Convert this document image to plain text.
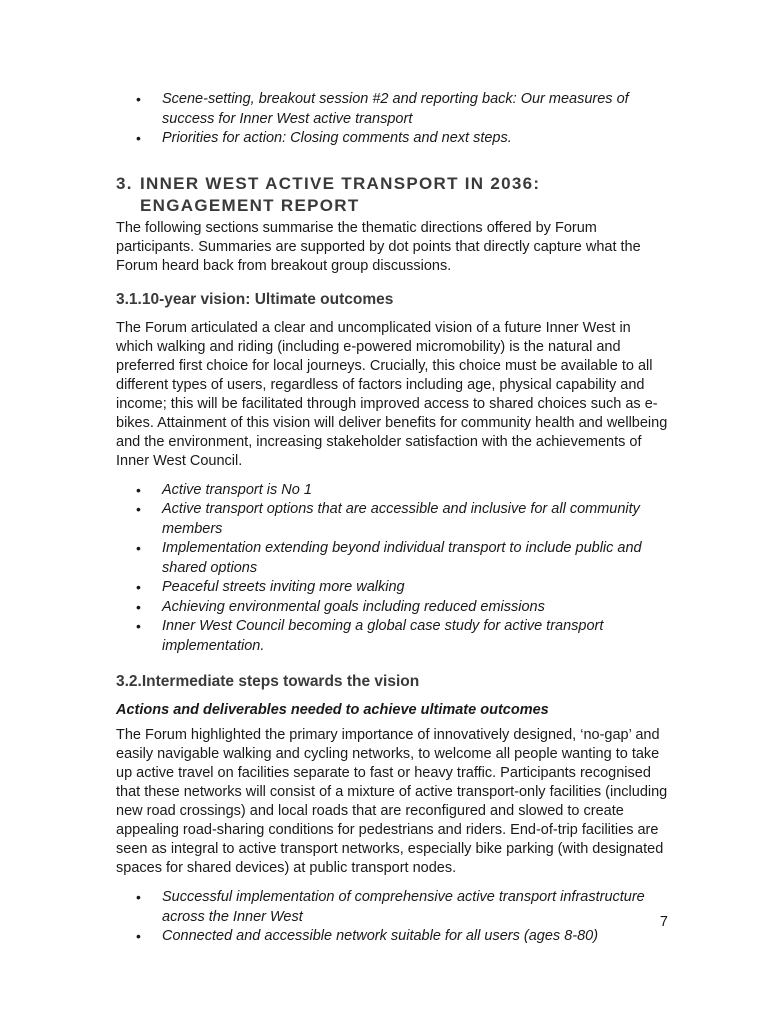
• Scene-setting, breakout session #2 and reporting back: Our measures of success for Inner West active transport
• Priorities for action: Closing comments and next steps.
3. INNER WEST ACTIVE TRANSPORT IN 2036: ENGAGEMENT REPORT

The following sections summarise the thematic directions offered by Forum participants. Summaries are supported by dot points that directly capture what the Forum heard back from breakout group discussions.

3.1. 10-year vision: Ultimate outcomes

The Forum articulated a clear and uncomplicated vision of a future Inner West in which walking and riding (including e-powered micromobility) is the natural and preferred first choice for local journeys. Crucially, this choice must be available to all different types of users, regardless of factors including age, physical capability and income; this will be facilitated through improved access to shared choices such as e-bikes. Attainment of this vision will deliver benefits for community health and wellbeing and the environment, increasing stakeholder satisfaction with the achievements of Inner West Council.

• Active transport is No 1
• Active transport options that are accessible and inclusive for all community members
• Implementation extending beyond individual transport to include public and shared options
• Peaceful streets inviting more walking
• Achieving environmental goals including reduced emissions
• Inner West Council becoming a global case study for active transport implementation.
3.2. Intermediate steps towards the vision
Actions and deliverables needed to achieve ultimate outcomes

The Forum highlighted the primary importance of innovatively designed, ‘no-gap’ and easily navigable walking and cycling networks, to welcome all people wanting to take up active travel on facilities separate to fast or heavy traffic. Participants recognised that these networks will consist of a mixture of active transport-only facilities (including new road crossings) and local roads that are reconfigured and slowed to create appealing road-sharing conditions for pedestrians and riders. End-of-trip facilities are seen as integral to active transport networks, especially bike parking (with designated spaces for shared devices) at public transport nodes.

• Successful implementation of comprehensive active transport infrastructure across the Inner West
• Connected and accessible network suitable for all users (ages 8-80)
7
